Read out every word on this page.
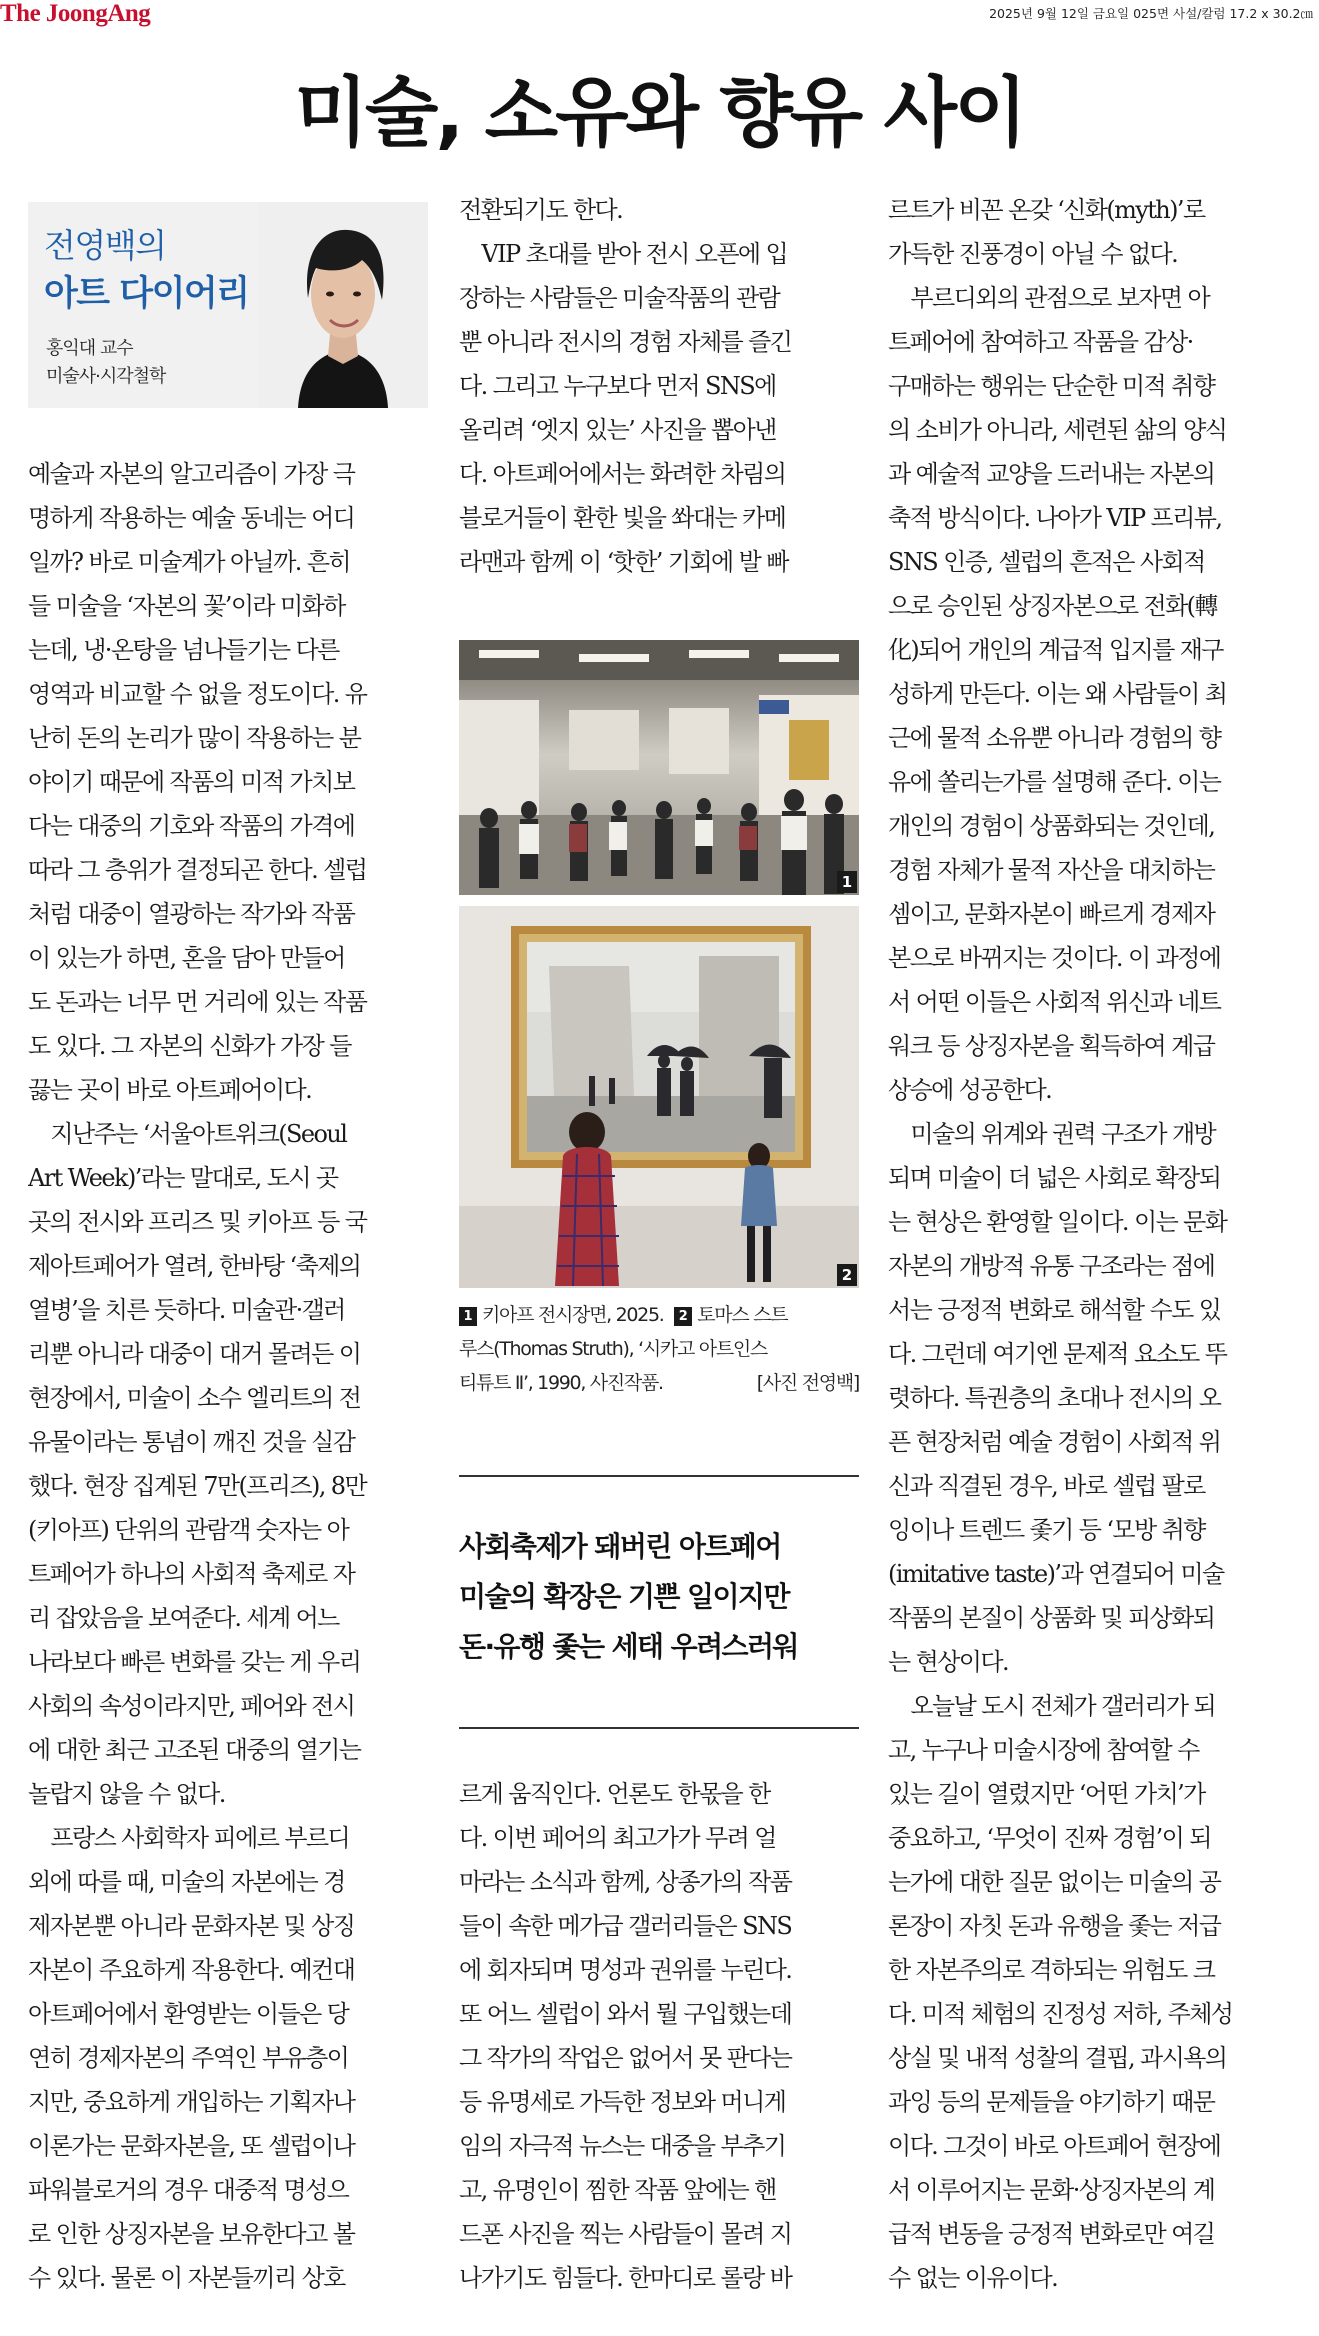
The JoongAng	2025년 9월 12일 금요일 025면 사설/칼럼 17.2 x 30.2㎝
미술, 소유와 향유 사이
전영백의
아트 다이어리
홍익대 교수
미술사·시각철학
예술과 자본의 알고리즘이 가장 극
명하게 작용하는 예술 동네는 어디
일까? 바로 미술계가 아닐까. 흔히
들 미술을 ‘자본의 꽃’이라 미화하
는데, 냉·온탕을 넘나들기는 다른
영역과 비교할 수 없을 정도이다. 유
난히 돈의 논리가 많이 작용하는 분
야이기 때문에 작품의 미적 가치보
다는 대중의 기호와 작품의 가격에
따라 그 층위가 결정되곤 한다. 셀럽
처럼 대중이 열광하는 작가와 작품
이 있는가 하면, 혼을 담아 만들어
도 돈과는 너무 먼 거리에 있는 작품
도 있다. 그 자본의 신화가 가장 들
끓는 곳이 바로 아트페어이다.
　지난주는 ‘서울아트위크(Seoul
Art Week)’라는 말대로, 도시 곳
곳의 전시와 프리즈 및 키아프 등 국
제아트페어가 열려, 한바탕 ‘축제의
열병’을 치른 듯하다. 미술관·갤러
리뿐 아니라 대중이 대거 몰려든 이
현장에서, 미술이 소수 엘리트의 전
유물이라는 통념이 깨진 것을 실감
했다. 현장 집계된 7만(프리즈), 8만
(키아프) 단위의 관람객 숫자는 아
트페어가 하나의 사회적 축제로 자
리 잡았음을 보여준다. 세계 어느
나라보다 빠른 변화를 갖는 게 우리
사회의 속성이라지만, 페어와 전시
에 대한 최근 고조된 대중의 열기는
놀랍지 않을 수 없다.
　프랑스 사회학자 피에르 부르디
외에 따를 때, 미술의 자본에는 경
제자본뿐 아니라 문화자본 및 상징
자본이 주요하게 작용한다. 예컨대
아트페어에서 환영받는 이들은 당
연히 경제자본의 주역인 부유층이
지만, 중요하게 개입하는 기획자나
이론가는 문화자본을, 또 셀럽이나
파워블로거의 경우 대중적 명성으
로 인한 상징자본을 보유한다고 볼
수 있다. 물론 이 자본들끼리 상호
전환되기도 한다.
　VIP 초대를 받아 전시 오픈에 입
장하는 사람들은 미술작품의 관람
뿐 아니라 전시의 경험 자체를 즐긴
다. 그리고 누구보다 먼저 SNS에
올리려 ‘엣지 있는’ 사진을 뽑아낸
다. 아트페어에서는 화려한 차림의
블로거들이 환한 빛을 쏴대는 카메
라맨과 함께 이 ‘핫한’ 기회에 발 빠
1
2
1 키아프 전시장면, 2025. 2 토마스 스트
루스(Thomas Struth), ‘시카고 아트인스
티튜트 Ⅱ’, 1990, 사진작품.	[사진 전영백]
사회축제가 돼버린 아트페어
미술의 확장은 기쁜 일이지만
돈·유행 좇는 세태 우려스러워
르게 움직인다. 언론도 한몫을 한
다. 이번 페어의 최고가가 무려 얼
마라는 소식과 함께, 상종가의 작품
들이 속한 메가급 갤러리들은 SNS
에 회자되며 명성과 권위를 누린다.
또 어느 셀럽이 와서 뭘 구입했는데
그 작가의 작업은 없어서 못 판다는
등 유명세로 가득한 정보와 머니게
임의 자극적 뉴스는 대중을 부추기
고, 유명인이 찜한 작품 앞에는 핸
드폰 사진을 찍는 사람들이 몰려 지
나가기도 힘들다. 한마디로 롤랑 바
르트가 비꼰 온갖 ‘신화(myth)’로
가득한 진풍경이 아닐 수 없다.
　부르디외의 관점으로 보자면 아
트페어에 참여하고 작품을 감상·
구매하는 행위는 단순한 미적 취향
의 소비가 아니라, 세련된 삶의 양식
과 예술적 교양을 드러내는 자본의
축적 방식이다. 나아가 VIP 프리뷰,
SNS 인증, 셀럽의 흔적은 사회적
으로 승인된 상징자본으로 전화(轉
化)되어 개인의 계급적 입지를 재구
성하게 만든다. 이는 왜 사람들이 최
근에 물적 소유뿐 아니라 경험의 향
유에 쏠리는가를 설명해 준다. 이는
개인의 경험이 상품화되는 것인데,
경험 자체가 물적 자산을 대치하는
셈이고, 문화자본이 빠르게 경제자
본으로 바뀌지는 것이다. 이 과정에
서 어떤 이들은 사회적 위신과 네트
워크 등 상징자본을 획득하여 계급
상승에 성공한다.
　미술의 위계와 권력 구조가 개방
되며 미술이 더 넓은 사회로 확장되
는 현상은 환영할 일이다. 이는 문화
자본의 개방적 유통 구조라는 점에
서는 긍정적 변화로 해석할 수도 있
다. 그런데 여기엔 문제적 요소도 뚜
렷하다. 특권층의 초대나 전시의 오
픈 현장처럼 예술 경험이 사회적 위
신과 직결된 경우, 바로 셀럽 팔로
잉이나 트렌드 좇기 등 ‘모방 취향
(imitative taste)’과 연결되어 미술
작품의 본질이 상품화 및 피상화되
는 현상이다.
　오늘날 도시 전체가 갤러리가 되
고, 누구나 미술시장에 참여할 수
있는 길이 열렸지만 ‘어떤 가치’가
중요하고, ‘무엇이 진짜 경험’이 되
는가에 대한 질문 없이는 미술의 공
론장이 자칫 돈과 유행을 좇는 저급
한 자본주의로 격하되는 위험도 크
다. 미적 체험의 진정성 저하, 주체성
상실 및 내적 성찰의 결핍, 과시욕의
과잉 등의 문제들을 야기하기 때문
이다. 그것이 바로 아트페어 현장에
서 이루어지는 문화·상징자본의 계
급적 변동을 긍정적 변화로만 여길
수 없는 이유이다.
